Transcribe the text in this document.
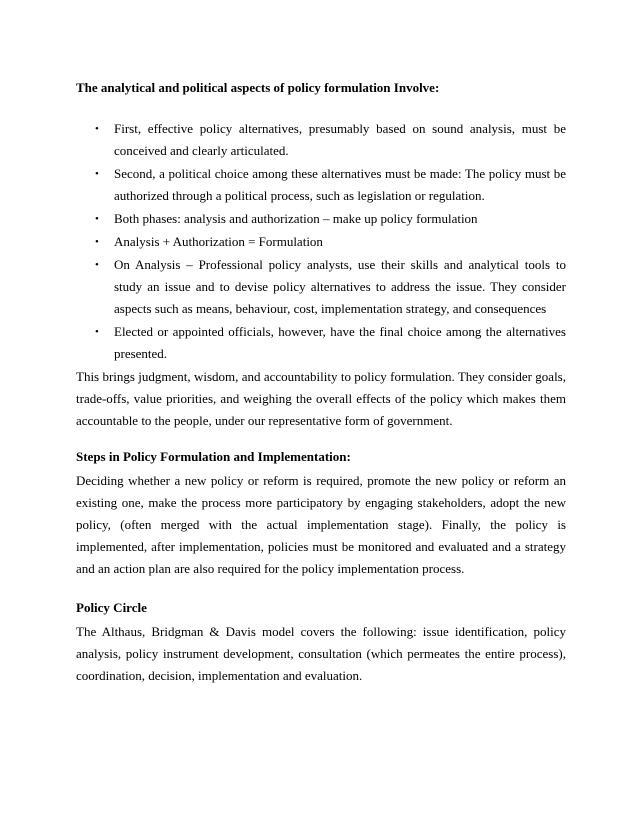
The analytical and political aspects of policy formulation Involve:

• First, effective policy alternatives, presumably based on sound analysis, must be conceived and clearly articulated.
• Second, a political choice among these alternatives must be made: The policy must be authorized through a political process, such as legislation or regulation.
• Both phases: analysis and authorization – make up policy formulation
• Analysis + Authorization = Formulation
• On Analysis – Professional policy analysts, use their skills and analytical tools to study an issue and to devise policy alternatives to address the issue. They consider aspects such as means, behaviour, cost, implementation strategy, and consequences
• Elected or appointed officials, however, have the final choice among the alternatives presented.

This brings judgment, wisdom, and accountability to policy formulation. They consider goals, trade-offs, value priorities, and weighing the overall effects of the policy which makes them accountable to the people, under our representative form of government.

Steps in Policy Formulation and Implementation:

Deciding whether a new policy or reform is required, promote the new policy or reform an existing one, make the process more participatory by engaging stakeholders, adopt the new policy, (often merged with the actual implementation stage). Finally, the policy is implemented, after implementation, policies must be monitored and evaluated and a strategy and an action plan are also required for the policy implementation process.

Policy Circle

The Althaus, Bridgman & Davis model covers the following: issue identification, policy analysis, policy instrument development, consultation (which permeates the entire process), coordination, decision, implementation and evaluation.
